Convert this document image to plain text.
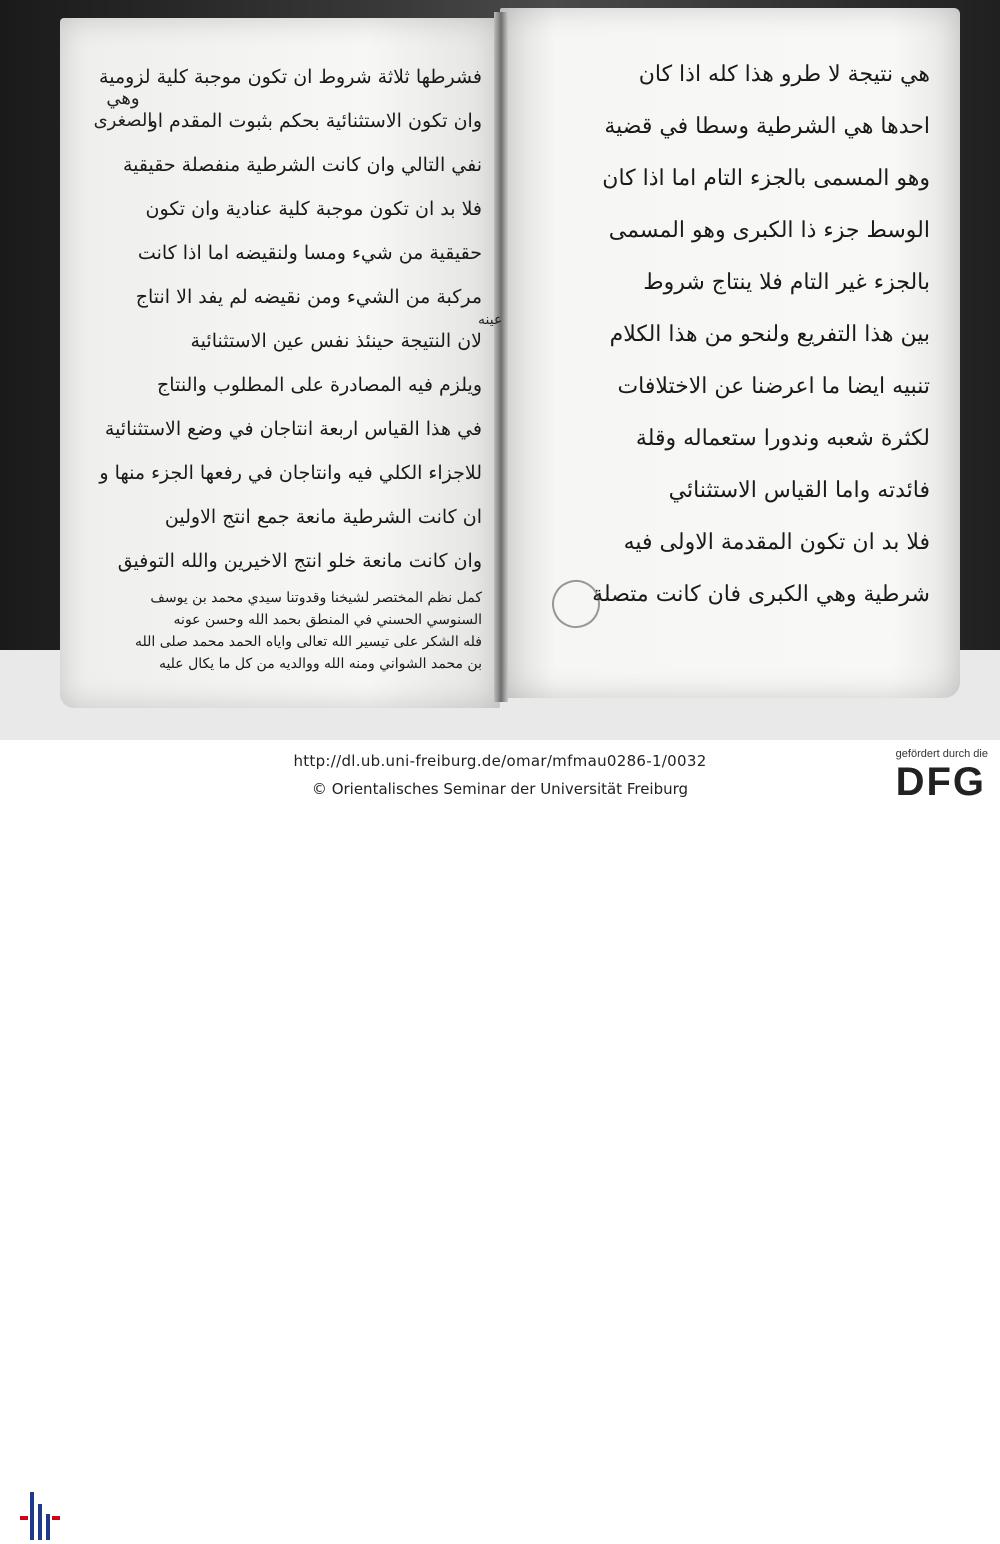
هي نتيجة لا طرو هذا كله اذا كان
احدها هي الشرطية وسطا في قضية
وهو المسمى بالجزء التام اما اذا كان
الوسط جزء ذا الكبرى وهو المسمى
بالجزء غير التام فلا ينتاج شروط
بين هذا التفريع ولنحو من هذا الكلام
تنبيه ايضا ما اعرضنا عن الاختلافات
لكثرة شعبه وندورا ستعماله وقلة
فائدته واما القياس الاستثنائي
فلا بد ان تكون المقدمة الاولى فيه
شرطية وهي الكبرى فان كانت متصلة
فشرطها ثلاثة شروط ان تكون موجبة كلية لزومية
وان تكون الاستثنائية بحكم بثبوت المقدم او
نفي التالي وان كانت الشرطية منفصلة حقيقية
فلا بد ان تكون موجبة كلية عنادية وان تكون
حقيقية من شيء ومسا ولنقيضه اما اذا كانت
مركبة من الشيء ومن نقيضه لم يفد الا انتاج
لان النتيجة حينئذ نفس عين الاستثنائية
ويلزم فيه المصادرة على المطلوب والنتاج
في هذا القياس اربعة انتاجان في وضع الاستثنائية
للاجزاء الكلي فيه وانتاجان في رفعها الجزء منها و
ان كانت الشرطية مانعة جمع انتج الاولين
وان كانت مانعة خلو انتج الاخيرين والله التوفيق
كمل نظم المختصر لشيخنا وقدوتنا سيدي محمد بن يوسف
السنوسي الحسني في المنطق بحمد الله وحسن عونه
فله الشكر على تيسير الله تعالى واياه الحمد محمد صلى الله
بن محمد الشواني ومنه الله ووالديه من كل ما يكال عليه
وهي
الصغرى
عينه
http://dl.ub.uni-freiburg.de/omar/mfmau0286-1/0032
© Orientalisches Seminar der Universität Freiburg
gefördert durch die
DFG
